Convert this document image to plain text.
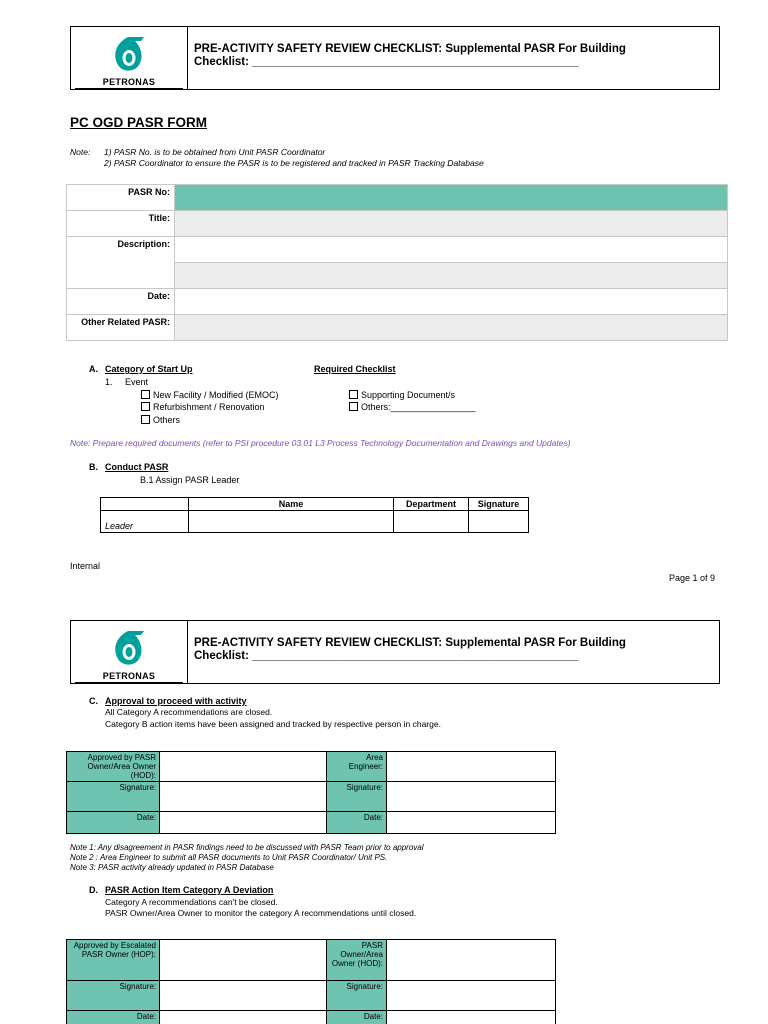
PETRONAS
PRE-ACTIVITY SAFETY REVIEW CHECKLIST: Supplemental PASR For Building
Checklist: ___________________________________________________
PC OGD PASR FORM
Note: 1) PASR No. is to be obtained from Unit PASR Coordinator
2) PASR Coordinator to ensure the PASR is to be registered and tracked in PASR Tracking Database
PASR No:	
Title:	
Description:	

Date:	
Other Related PASR:	
A. Category of Start Up	Required Checklist
1. Event
New Facility / Modified (EMOC)
Refurbishment / Renovation
Others
Supporting Document/s
Others:_________________
Note: Prepare required documents (refer to PSI procedure 03.01 L3 Process Technology Documentation and Drawings and Updates)
B. Conduct PASR
B.1 Assign PASR Leader
	Name	Department	Signature
Leader			
Internal
Page 1 of 9
PETRONAS
PRE-ACTIVITY SAFETY REVIEW CHECKLIST: Supplemental PASR For Building
Checklist: ___________________________________________________
C. Approval to proceed with activity
All Category A recommendations are closed.
Category B action items have been assigned and tracked by respective person in charge.
Approved by PASR Owner/Area Owner (HOD):		Area Engineer:	
Signature:		Signature:	
Date:		Date:	
Note 1: Any disagreement in PASR findings need to be discussed with PASR Team prior to approval
Note 2 : Area Engineer to submit all PASR documents to Unit PASR Coordinator/ Unit PS.
Note 3: PASR activity already updated in PASR Database
D. PASR Action Item Category A Deviation
Category A recommendations can't be closed.
PASR Owner/Area Owner to monitor the category A recommendations until closed.
Approved by Escalated PASR Owner (HOP):		PASR Owner/Area Owner (HOD):	
Signature:		Signature:	
Date:		Date:	
